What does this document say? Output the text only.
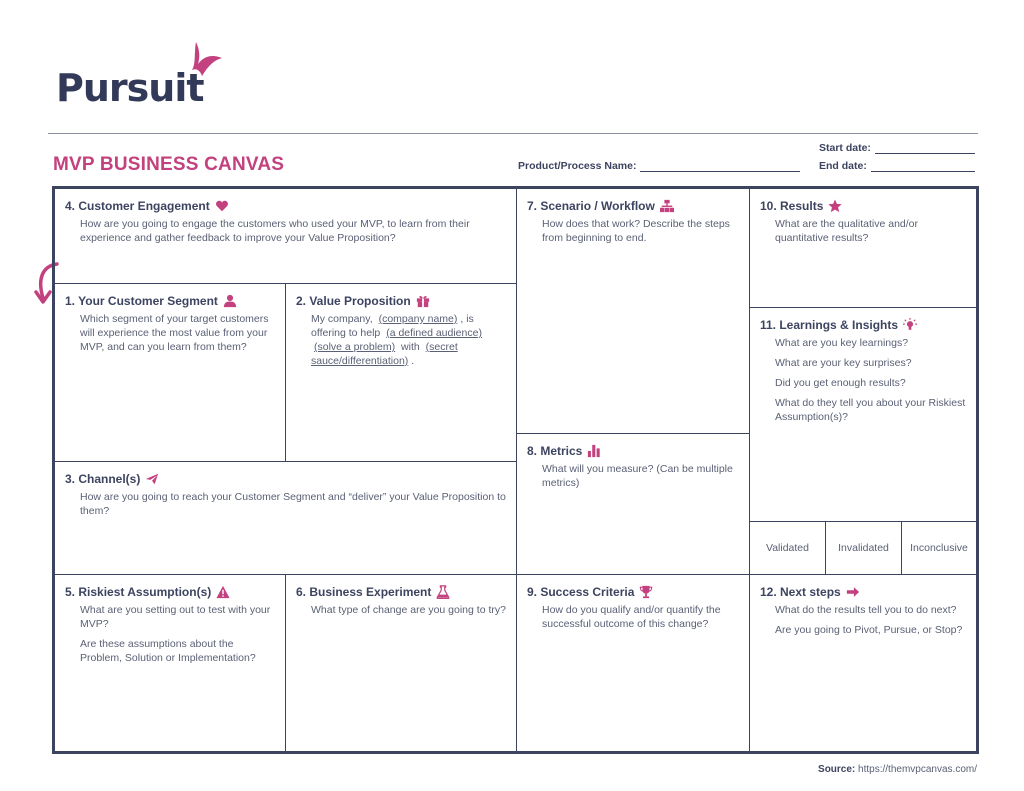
Pursuit
MVP BUSINESS CANVAS	Product/Process Name:
Start date:
End date:
4. Customer Engagement
How are you going to engage the customers who used your MVP, to learn from their experience and gather feedback to improve your Value Proposition?
1. Your Customer Segment
Which segment of your target customers will experience the most value from your MVP, and can you learn from them?
2. Value Proposition
My company, (company name) , is offering to help (a defined audience) (solve a problem) with (secret sauce/differentiation) .
3. Channel(s)
How are you going to reach your Customer Segment and “deliver” your Value Proposition to them?
7. Scenario / Workflow
How does that work? Describe the steps from beginning to end.
8. Metrics
What will you measure? (Can be multiple metrics)
10. Results
What are the qualitative and/or quantitative results?
11. Learnings & Insights

What are you key learnings?

What are your key surprises?

Did you get enough results?

What do they tell you about your Riskiest Assumption(s)?

Validated	Invalidated	Inconclusive
5. Riskiest Assumption(s)

What are you setting out to test with your MVP?

Are these assumptions about the Problem, Solution or Implementation?

6. Business Experiment
What type of change are you going to try?
9. Success Criteria
How do you qualify and/or quantify the successful outcome of this change?
12. Next steps

What do the results tell you to do next?

Are you going to Pivot, Pursue, or Stop?

Source: https://themvpcanvas.com/
